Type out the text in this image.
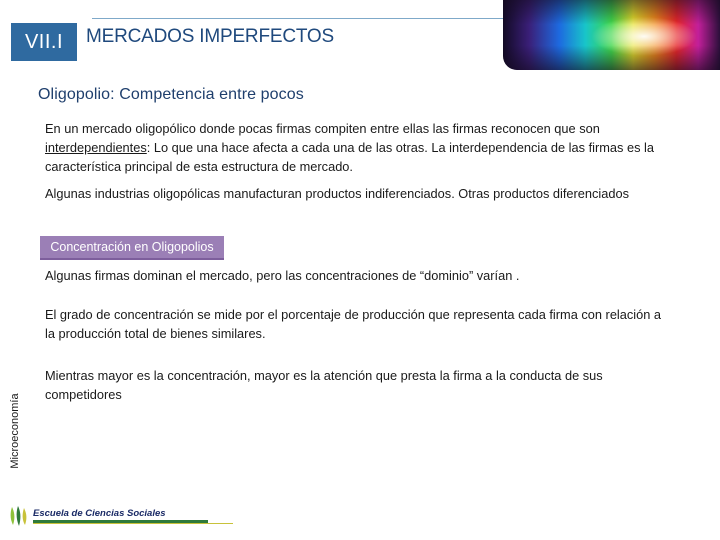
VII.I	MERCADOS IMPERFECTOS
Oligopolio: Competencia entre pocos
En un mercado oligopólico donde pocas firmas compiten entre ellas las firmas reconocen que son interdependientes: Lo que una hace afecta a cada una de las otras. La interdependencia de las firmas es la característica principal de esta estructura de mercado.
Algunas industrias oligopólicas manufacturan productos indiferenciados. Otras productos diferenciados
Concentración en Oligopolios
Algunas firmas dominan el mercado, pero las concentraciones de “dominio” varían .
El grado de concentración se mide por el porcentaje de producción que representa cada firma con relación a la producción total de bienes similares.
Mientras mayor es la concentración, mayor es la atención que presta la firma a la conducta de sus competidores
Microeconomía
Escuela de Ciencias Sociales
